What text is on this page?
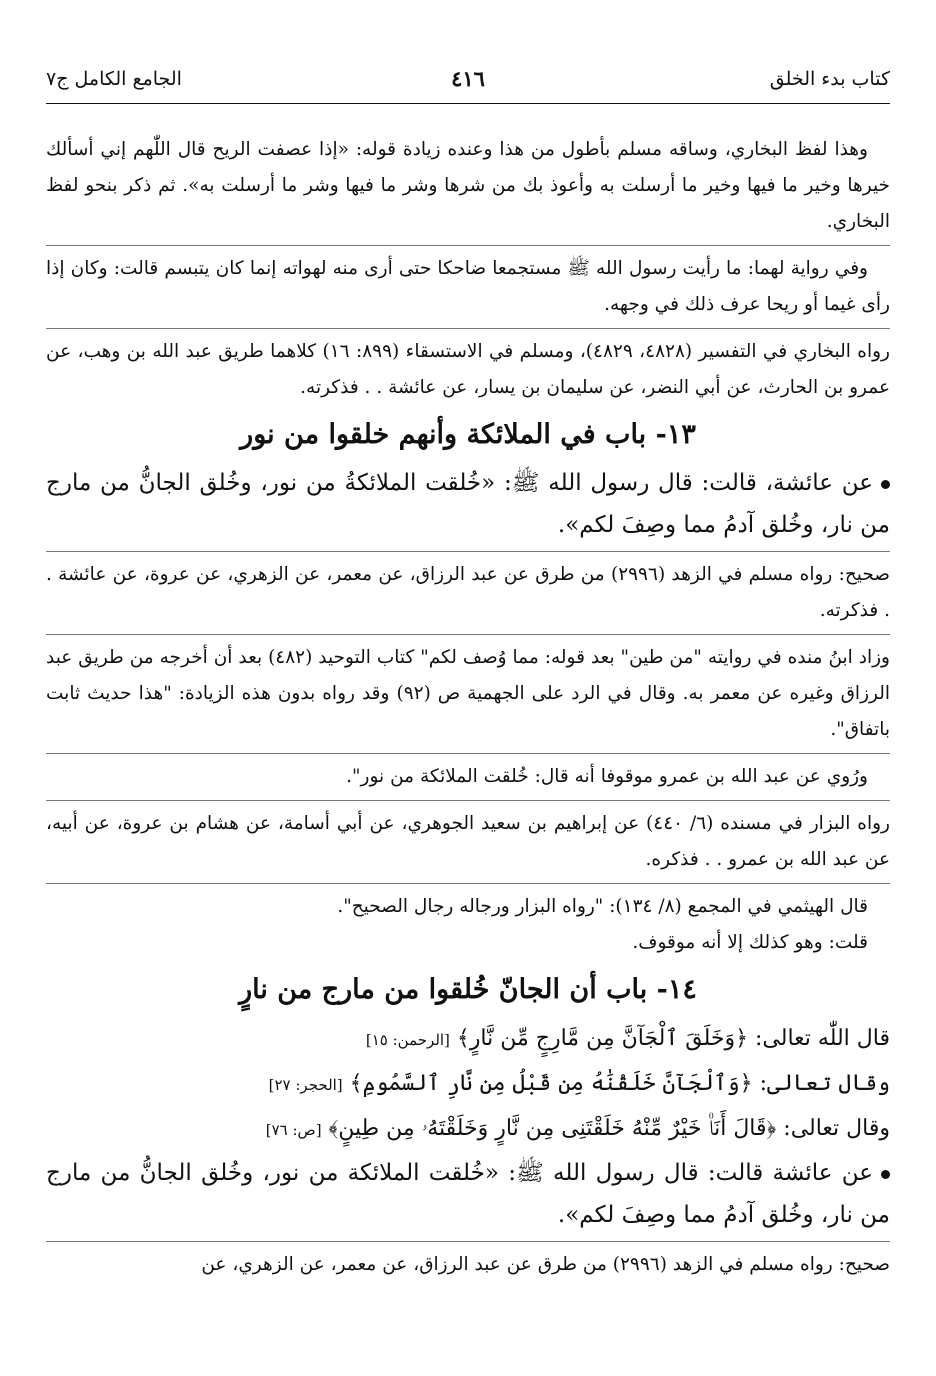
كتاب بدء الخلق
٤١٦
الجامع الكامل ج٧

وهذا لفظ البخاري، وساقه مسلم بأطول من هذا وعنده زيادة قوله: «إذا عصفت الريح قال اللّٰهم إني أسألك خيرها وخير ما فيها وخير ما أرسلت به وأعوذ بك من شرها وشر ما فيها وشر ما أرسلت به». ثم ذكر بنحو لفظ البخاري.

وفي رواية لهما: ما رأيت رسول الله ﷺ مستجمعا ضاحكا حتى أرى منه لهواته إنما كان يتبسم قالت: وكان إذا رأى غيما أو ريحا عرف ذلك في وجهه.

رواه البخاري في التفسير (٤٨٢٨، ٤٨٢٩)، ومسلم في الاستسقاء (٨٩٩: ١٦) كلاهما طريق عبد الله بن وهب، عن عمرو بن الحارث، عن أبي النضر، عن سليمان بن يسار، عن عائشة . . فذكرته.

١٣- باب في الملائكة وأنهم خلقوا من نور

عن عائشة، قالت: قال رسول الله ﷺ: «خُلقت الملائكةُ من نور، وخُلق الجانُّ من مارج من نار، وخُلق آدمُ مما وصِفَ لكم».

صحيح: رواه مسلم في الزهد (٢٩٩٦) من طرق عن عبد الرزاق، عن معمر، عن الزهري، عن عروة، عن عائشة . . فذكرته.

وزاد ابنُ منده في روايته "من طين" بعد قوله: مما وُصف لكم" كتاب التوحيد (٤٨٢) بعد أن أخرجه من طريق عبد الرزاق وغيره عن معمر به. وقال في الرد على الجهمية ص (٩٢) وقد رواه بدون هذه الزيادة: "هذا حديث ثابت باتفاق".

ورُوي عن عبد الله بن عمرو موقوفا أنه قال: خُلقت الملائكة من نور".

رواه البزار في مسنده (٦/ ٤٤٠) عن إبراهيم بن سعيد الجوهري، عن أبي أسامة، عن هشام بن عروة، عن أبيه، عن عبد الله بن عمرو . . فذكره.

قال الهيثمي في المجمع (٨/ ١٣٤): "رواه البزار ورجاله رجال الصحيح".

قلت: وهو كذلك إلا أنه موقوف.

١٤- باب أن الجانّ خُلقوا من مارج من نارٍ

قال اللّٰه تعالى: ﴿وَخَلَقَ ٱلْجَآنَّ مِن مَّارِجٍ مِّن نَّارٍ﴾ [الرحمن: ١٥]

وقال تعالى: ﴿وَٱلْجَآنَّ خَلَقْنَٰهُ مِن قَبْلُ مِن نَّارِ ٱلسَّمُومِ﴾ [الحجر: ٢٧]

وقال تعالى: ﴿قَالَ أَنَا۠ خَيْرٌ مِّنْهُ خَلَقْتَنِى مِن نَّارٍ وَخَلَقْتَهُۥ مِن طِينٍ﴾ [ص: ٧٦]

عن عائشة قالت: قال رسول الله ﷺ: «خُلقت الملائكة من نور، وخُلق الجانُّ من مارج من نار، وخُلق آدمُ مما وصِفَ لكم».

صحيح: رواه مسلم في الزهد (٢٩٩٦) من طرق عن عبد الرزاق، عن معمر، عن الزهري، عن
